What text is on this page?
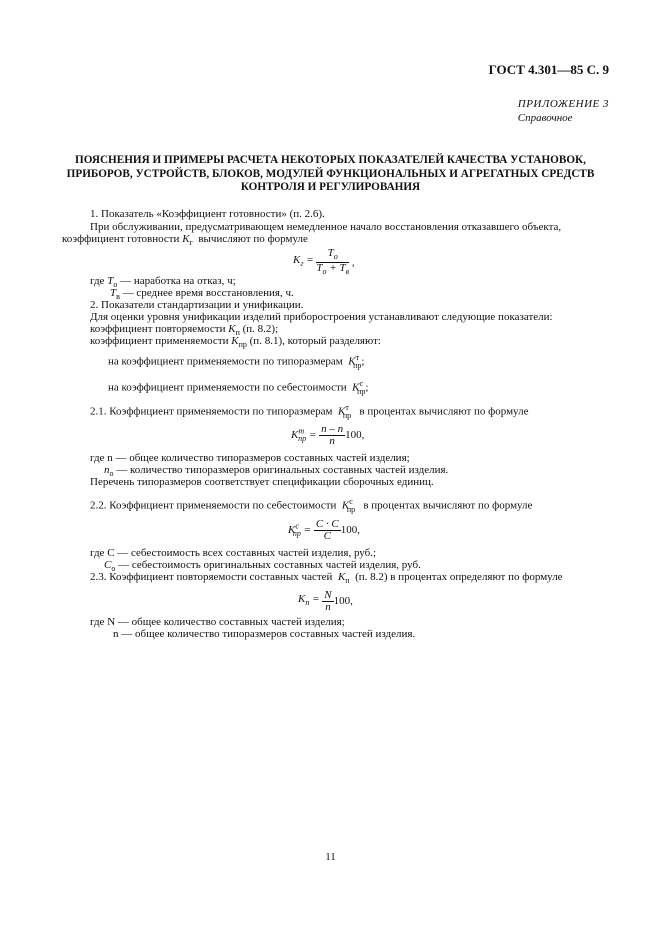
ГОСТ 4.301—85 С. 9
ПРИЛОЖЕНИЕ 3
Справочное
ПОЯСНЕНИЯ И ПРИМЕРЫ РАСЧЕТА НЕКОТОРЫХ ПОКАЗАТЕЛЕЙ КАЧЕСТВА УСТАНОВОК,
ПРИБОРОВ, УСТРОЙСТВ, БЛОКОВ, МОДУЛЕЙ ФУНКЦИОНАЛЬНЫХ И АГРЕГАТНЫХ СРЕДСТВ
КОНТРОЛЯ И РЕГУЛИРОВАНИЯ
1. Показатель «Коэффициент готовности» (п. 2.6).
При обслуживании, предусматривающем немедленное начало восстановления отказавшего объекта,
коэффициент готовности $K_г$ вычисляют по формуле
$K_г = \frac{T_о}{T_о + T_в}$ ,
где $T_о$ — наработка на отказ, ч;
$T_в$ — среднее время восстановления, ч.
2. Показатели стандартизации и унификации.
Для оценки уровня унификации изделий приборостроения устанавливают следующие показатели:
коэффициент повторяемости $K_п$ (п. 8.2);
коэффициент применяемости $K_{пр}$ (п. 8.1), который разделяют:
на коэффициент применяемости по типоразмерам  $K^т_{пр}$;
на коэффициент применяемости по себестоимости  $K^с_{пр}$;
2.1. Коэффициент применяемости по типоразмерам  $K^т_{пр}$ в процентах вычисляют по формуле
$K^т_{пр} = \frac{n - n}{n} 100$,
где n — общее количество типоразмеров составных частей изделия;
$n_о$ — количество типоразмеров оригинальных составных частей изделия.
Перечень типоразмеров соответствует спецификации сборочных единиц.
2.2. Коэффициент применяемости по себестоимости  $K^с_{пр}$ в процентах вычисляют по формуле
$K^с_{пр} = \frac{C \cdot C}{C} 100$,
где C — себестоимость всех составных частей изделия, руб.;
$C_о$ — себестоимость оригинальных составных частей изделия, руб.
2.3. Коэффициент повторяемости составных частей  $K_п$ (п. 8.2) в процентах определяют по формуле
$K_п = \frac{N}{n} 100$,
где N — общее количество составных частей изделия;
n — общее количество типоразмеров составных частей изделия.
11
